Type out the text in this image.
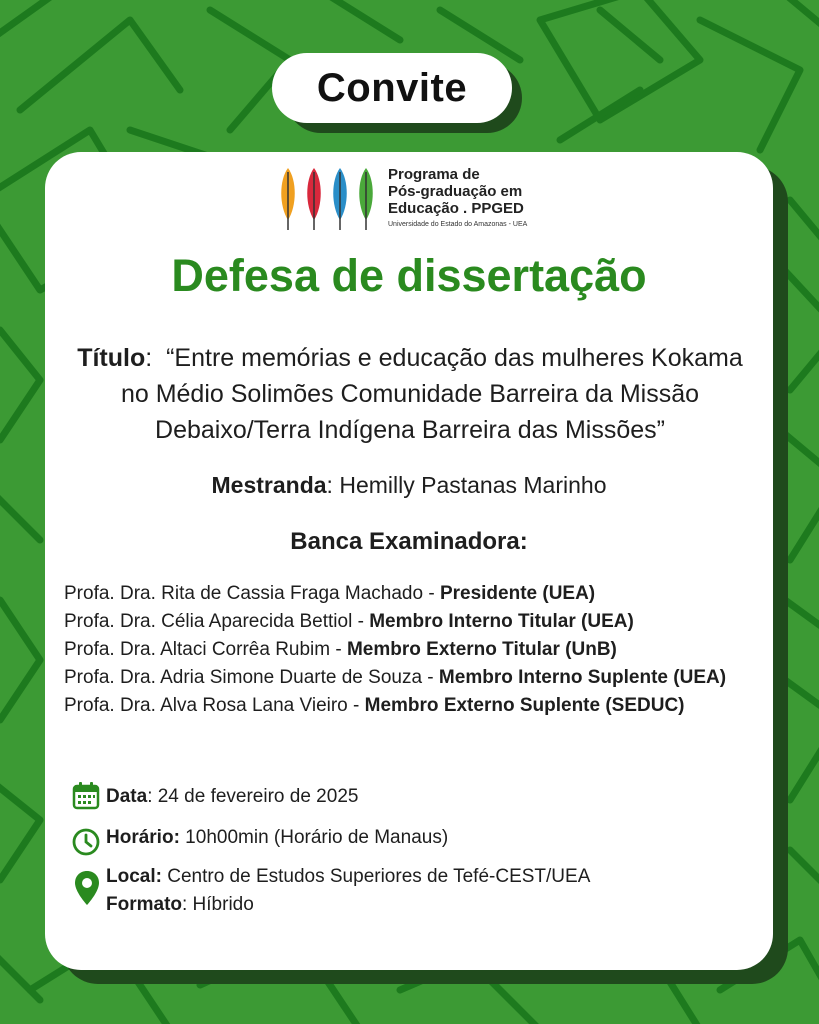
Convite
Programa de
Pós-graduação em
Educação . PPGED
Universidade do Estado do Amazonas - UEA
Defesa de dissertação
Título:  “Entre memórias e educação das mulheres Kokama no Médio Solimões Comunidade Barreira da Missão Debaixo/Terra Indígena Barreira das Missões”
Mestranda: Hemilly Pastanas Marinho
Banca Examinadora:
Profa. Dra. Rita de Cassia Fraga Machado - Presidente (UEA)
Profa. Dra. Célia Aparecida Bettiol - Membro Interno Titular (UEA)
Profa. Dra. Altaci Corrêa Rubim - Membro Externo Titular (UnB)
Profa. Dra. Adria Simone Duarte de Souza - Membro Interno Suplente (UEA)
Profa. Dra. Alva Rosa Lana Vieiro - Membro Externo Suplente (SEDUC)
Data: 24 de fevereiro de 2025
Horário: 10h00min (Horário de Manaus)
Local: Centro de Estudos Superiores de Tefé-CEST/UEA
Formato: Híbrido
